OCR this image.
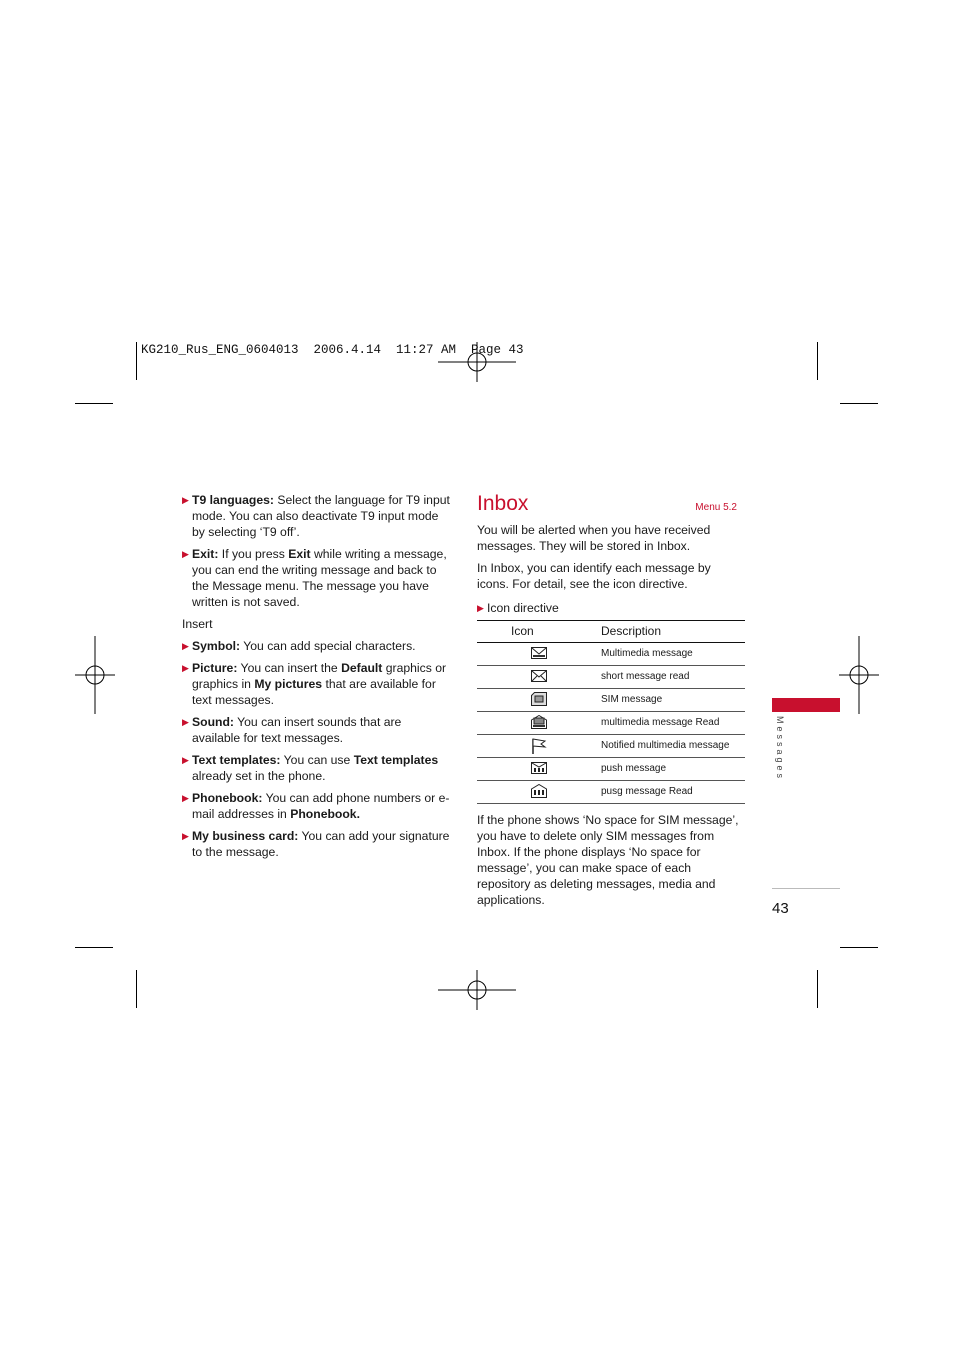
KG210_Rus_ENG_0604013  2006.4.14  11:27 AM  Page 43
▶ T9 languages: Select the language for T9 input mode. You can also deactivate T9 input mode by selecting ‘T9 off’.
▶ Exit: If you press Exit while writing a message, you can end the writing message and back to the Message menu. The message you have written is not saved.
Insert
▶ Symbol: You can add special characters.
▶ Picture: You can insert the Default graphics or graphics in My pictures that are available for text messages.
▶ Sound: You can insert sounds that are available for text messages.
▶ Text templates: You can use Text templates already set in the phone.
▶ Phonebook: You can add phone numbers or e-mail addresses in Phonebook.
▶ My business card: You can add your signature to the message.
Inbox	Menu 5.2

You will be alerted when you have received messages. They will be stored in Inbox.

In Inbox, you can identify each message by icons. For detail, see the icon directive.

▶ Icon directive
Icon	Description
	Multimedia message
	short message read
	SIM message
	multimedia message Read
	Notified multimedia message
	push message
	pusg message Read

If the phone shows ‘No space for SIM message’, you have to delete only SIM messages from Inbox. If the phone displays ‘No space for message’, you can make space of each repository as deleting messages, media and applications.

Messages
43
